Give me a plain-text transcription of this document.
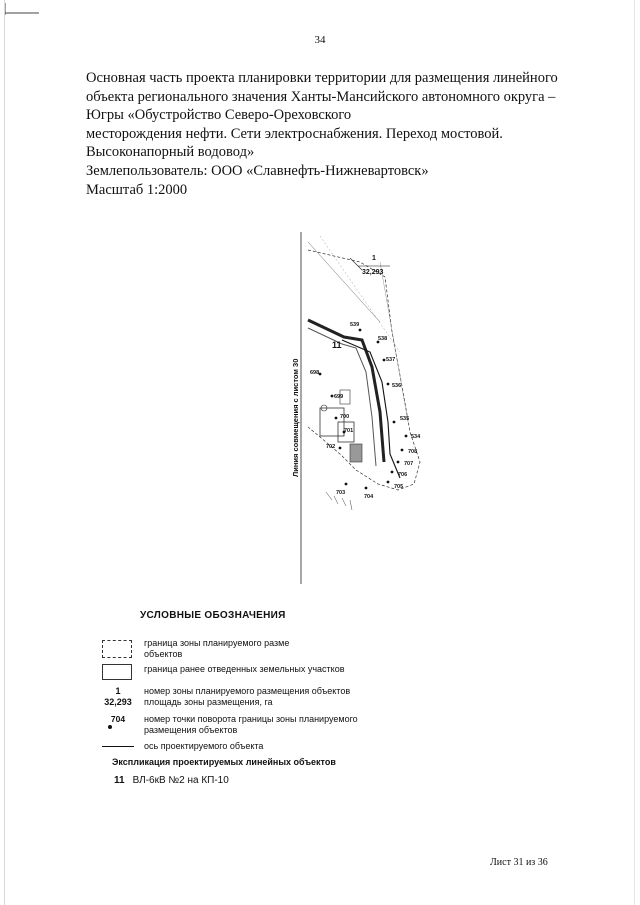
34
Основная часть проекта планировки территории для размещения линейного
объекта регионального значения Ханты-Мансийского автономного округа –
Югры «Обустройство Северо-Ореховского
месторождения нефти. Сети электроснабжения. Переход мостовой.
Высоконапорный водовод»
Землепользователь: ООО «Славнефть-Нижневартовск»
Масштаб 1:2000
Линия совмещения с листом 30
1
32,293
11
539
538
537
536
535
534
708
707
706
705
704
703
702
701
700
699
698
УСЛОВНЫЕ ОБОЗНАЧЕНИЯ
граница зоны планируемого разме
объектов
граница ранее отведенных земельных участков
1
32,293
номер зоны планируемого размещения объектов
площадь зоны размещения, га
704	номер точки поворота границы зоны планируемого
размещения объектов
ось проектируемого объекта
Экспликация проектируемых линейных объектов
11 ВЛ-6кВ №2 на КП-10
Лист 31 из 36
